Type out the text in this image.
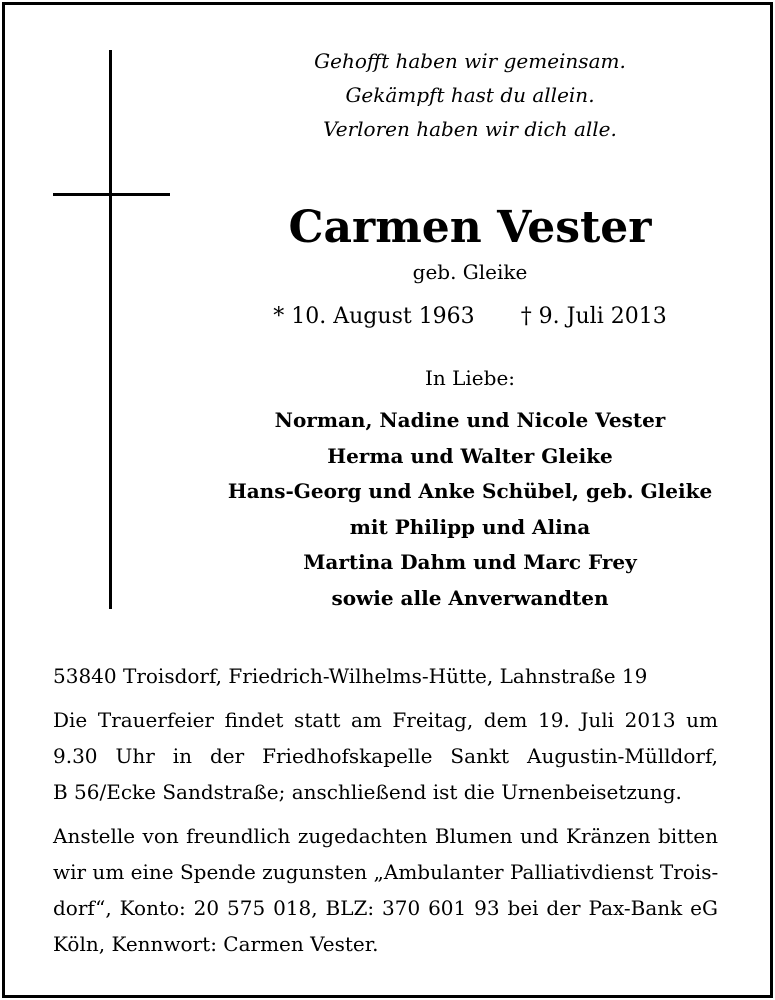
Gehofft haben wir gemeinsam.
Gekämpft hast du allein.
Verloren haben wir dich alle.
Carmen Vester
geb. Gleike
* 10. August 1963 † 9. Juli 2013
In Liebe:
Norman, Nadine und Nicole Vester
Herma und Walter Gleike
Hans-Georg und Anke Schübel, geb. Gleike
mit Philipp und Alina
Martina Dahm und Marc Frey
sowie alle Anverwandten
53840 Troisdorf, Friedrich-Wilhelms-Hütte, Lahnstraße 19
Die Trauerfeier findet statt am Freitag, dem 19. Juli 2013 um
9.30 Uhr in der Friedhofskapelle Sankt Augustin-Mülldorf,
B 56/Ecke Sandstraße; anschließend ist die Urnenbeisetzung.
Anstelle von freundlich zugedachten Blumen und Kränzen bitten
wir um eine Spende zugunsten „Ambulanter Palliativdienst Trois-
dorf“, Konto: 20 575 018, BLZ: 370 601 93 bei der Pax-Bank eG
Köln, Kennwort: Carmen Vester.
